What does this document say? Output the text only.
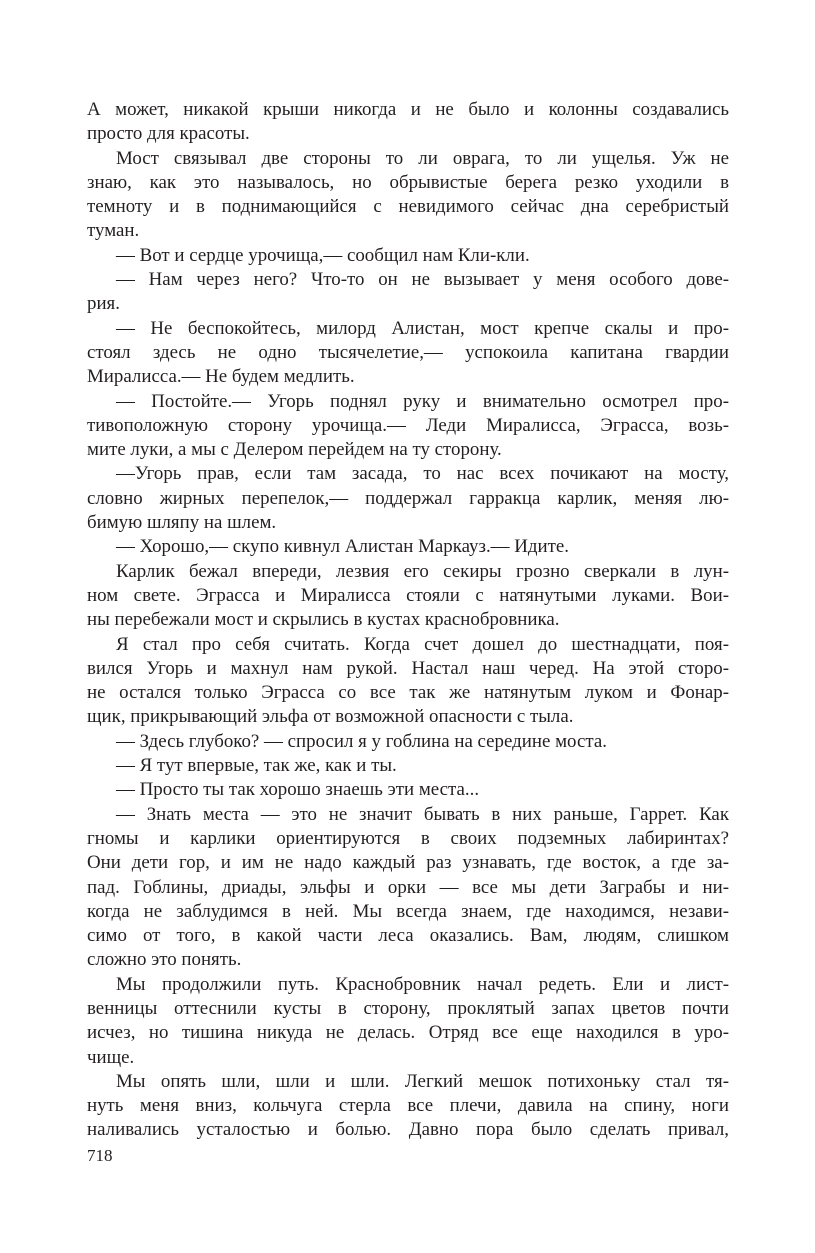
А может, никакой крыши никогда и не было и колонны создавались
просто для красоты.
Мост связывал две стороны то ли оврага, то ли ущелья. Уж не
знаю, как это называлось, но обрывистые берега резко уходили в
темноту и в поднимающийся с невидимого сейчас дна серебристый
туман.
— Вот и сердце урочища,— сообщил нам Кли-кли.
— Нам через него? Что-то он не вызывает у меня особого дове-
рия.
— Не беспокойтесь, милорд Алистан, мост крепче скалы и про-
стоял здесь не одно тысячелетие,— успокоила капитана гвардии
Миралисса.— Не будем медлить.
— Постойте.— Угорь поднял руку и внимательно осмотрел про-
тивоположную сторону урочища.— Леди Миралисса, Эграсса, возь-
мите луки, а мы с Делером перейдем на ту сторону.
—Угорь прав, если там засада, то нас всех почикают на мосту,
словно жирных перепелок,— поддержал гарракца карлик, меняя лю-
бимую шляпу на шлем.
— Хорошо,— скупо кивнул Алистан Маркауз.— Идите.
Карлик бежал впереди, лезвия его секиры грозно сверкали в лун-
ном свете. Эграсса и Миралисса стояли с натянутыми луками. Вои-
ны перебежали мост и скрылись в кустах краснобровника.
Я стал про себя считать. Когда счет дошел до шестнадцати, поя-
вился Угорь и махнул нам рукой. Настал наш черед. На этой сторо-
не остался только Эграсса со все так же натянутым луком и Фонар-
щик, прикрывающий эльфа от возможной опасности с тыла.
— Здесь глубоко? — спросил я у гоблина на середине моста.
— Я тут впервые, так же, как и ты.
— Просто ты так хорошо знаешь эти места...
— Знать места — это не значит бывать в них раньше, Гаррет. Как
гномы и карлики ориентируются в своих подземных лабиринтах?
Они дети гор, и им не надо каждый раз узнавать, где восток, а где за-
пад. Гоблины, дриады, эльфы и орки — все мы дети Заграбы и ни-
когда не заблудимся в ней. Мы всегда знаем, где находимся, незави-
симо от того, в какой части леса оказались. Вам, людям, слишком
сложно это понять.
Мы продолжили путь. Краснобровник начал редеть. Ели и лист-
венницы оттеснили кусты в сторону, проклятый запах цветов почти
исчез, но тишина никуда не делась. Отряд все еще находился в уро-
чище.
Мы опять шли, шли и шли. Легкий мешок потихоньку стал тя-
нуть меня вниз, кольчуга стерла все плечи, давила на спину, ноги
наливались усталостью и болью. Давно пора было сделать привал,
718
